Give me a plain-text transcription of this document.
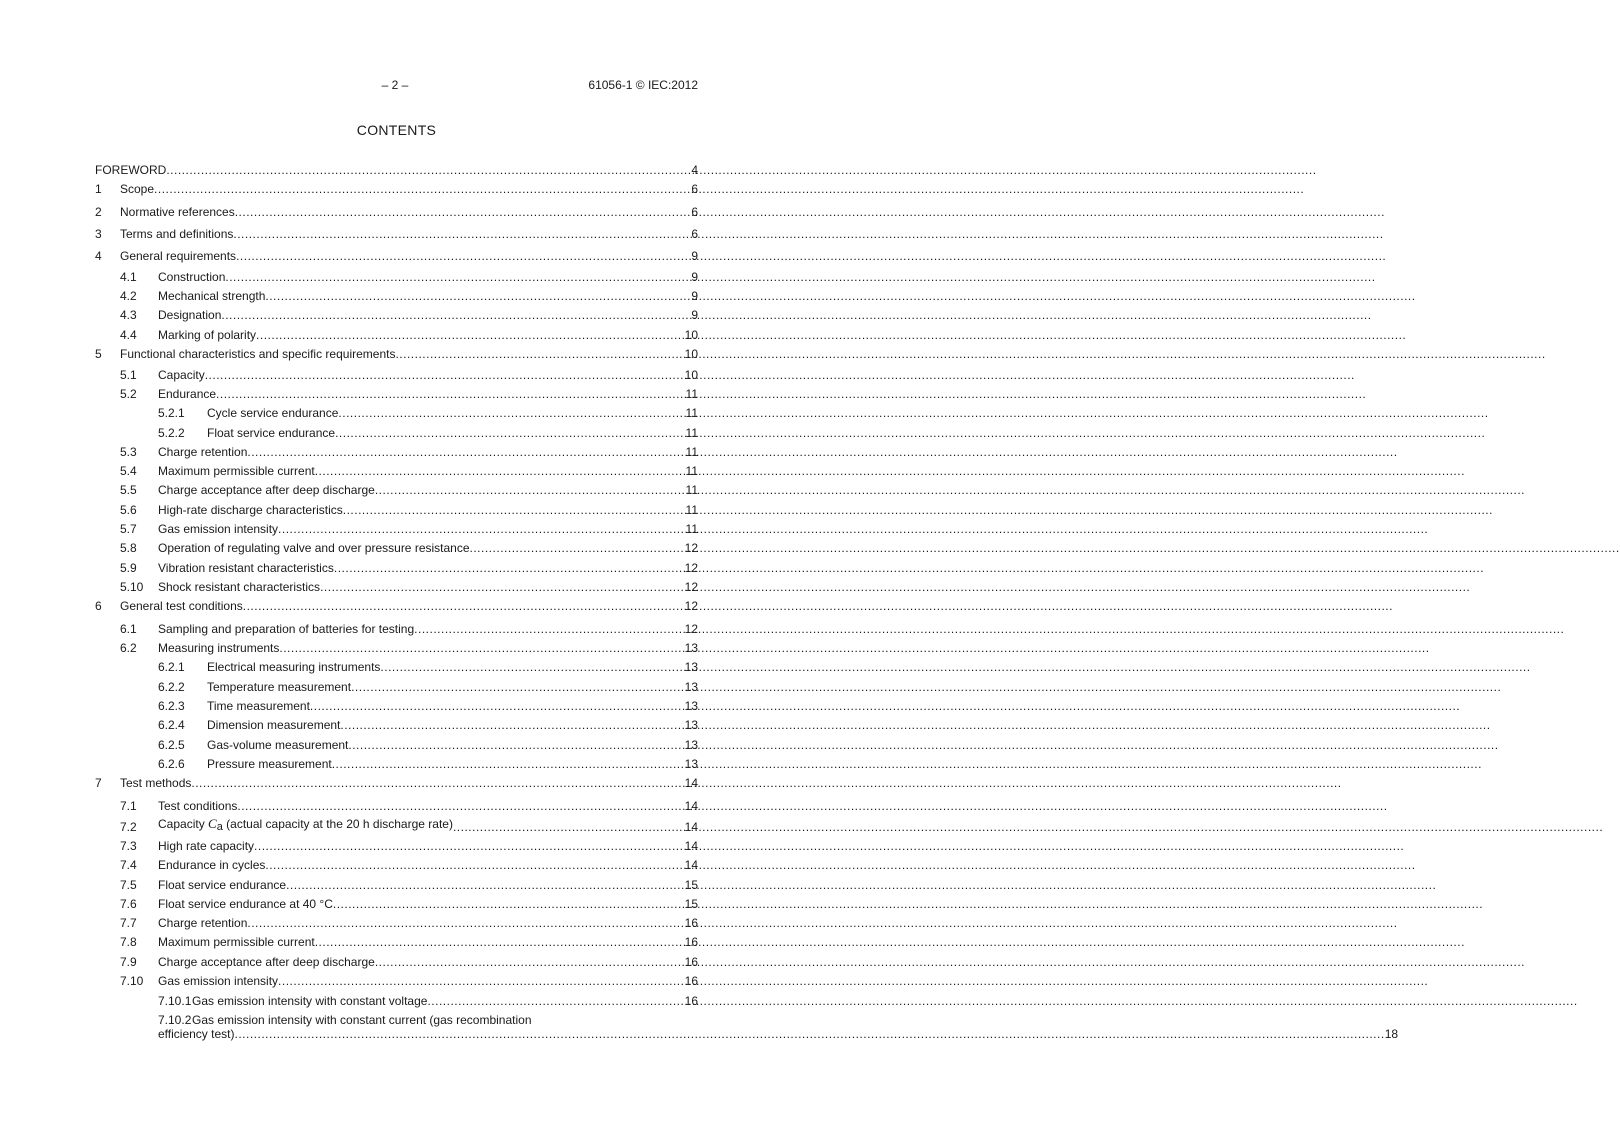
– 2 –	61056-1 © IEC:2012
CONTENTS
FOREWORD .....	4
1	Scope .....	6
2	Normative references .....	6
3	Terms and definitions .....	6
4	General requirements .....	9
4.1	Construction .....	9
4.2	Mechanical strength .....	9
4.3	Designation .....	9
4.4	Marking of polarity .....	10
5	Functional characteristics and specific requirements .....	10
5.1	Capacity .....	10
5.2	Endurance .....	11
5.2.1	Cycle service endurance .....	11
5.2.2	Float service endurance .....	11
5.3	Charge retention .....	11
5.4	Maximum permissible current .....	11
5.5	Charge acceptance after deep discharge .....	11
5.6	High-rate discharge characteristics .....	11
5.7	Gas emission intensity .....	11
5.8	Operation of regulating valve and over pressure resistance .....	12
5.9	Vibration resistant characteristics .....	12
5.10	Shock resistant characteristics .....	12
6	General test conditions .....	12
6.1	Sampling and preparation of batteries for testing .....	12
6.2	Measuring instruments .....	13
6.2.1	Electrical measuring instruments .....	13
6.2.2	Temperature measurement .....	13
6.2.3	Time measurement .....	13
6.2.4	Dimension measurement .....	13
6.2.5	Gas-volume measurement .....	13
6.2.6	Pressure measurement .....	13
7	Test methods .....	14
7.1	Test conditions .....	14
7.2	Capacity $C_a$ (actual capacity at the 20 h discharge rate) .....	14
7.3	High rate capacity .....	14
7.4	Endurance in cycles .....	14
7.5	Float service endurance .....	15
7.6	Float service endurance at 40 °C .....	15
7.7	Charge retention .....	16
7.8	Maximum permissible current .....	16
7.9	Charge acceptance after deep discharge .....	16
7.10	Gas emission intensity .....	16
7.10.1 Gas emission intensity with constant voltage .....	16
7.10.2 Gas emission intensity with constant current (gas recombination
efficiency test) .....	18
